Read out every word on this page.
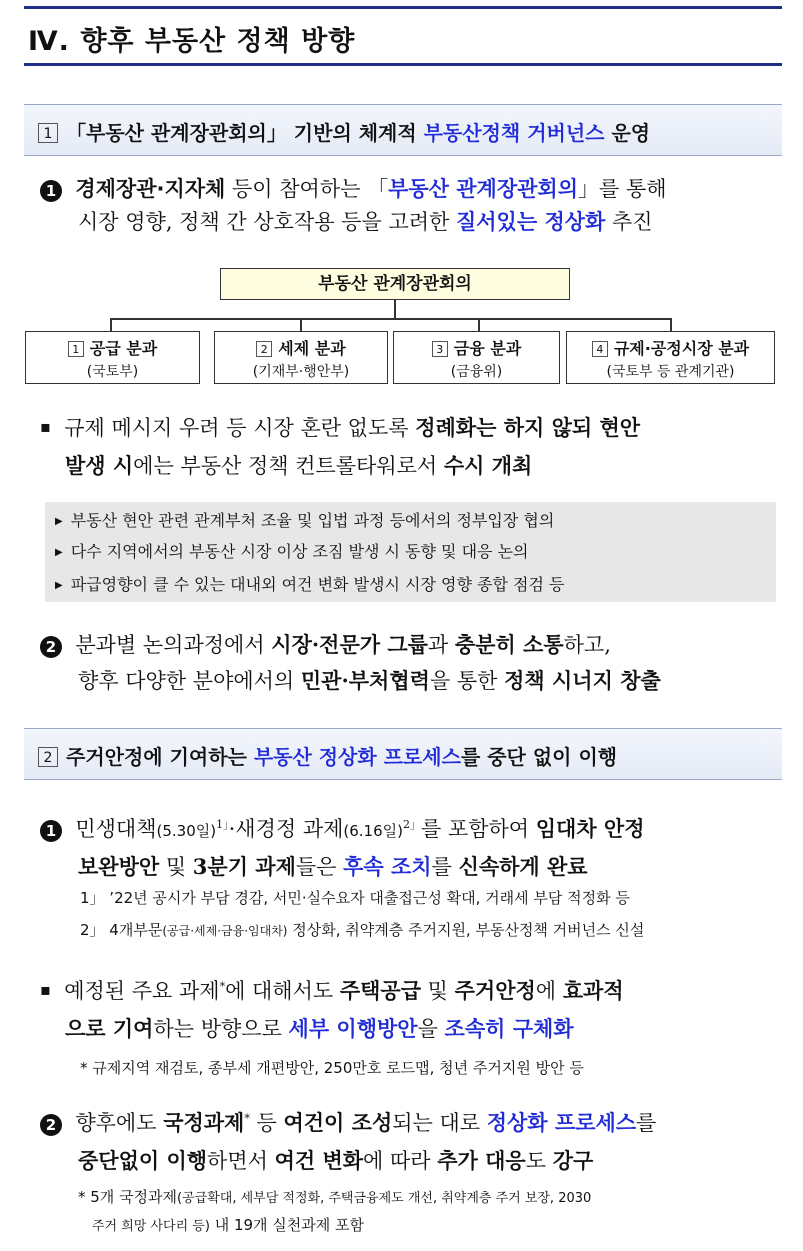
Ⅳ. 향후 부동산 정책 방향
1 「부동산 관계장관회의」 기반의 체계적 부동산정책 거버넌스 운영
1 경제장관·지자체 등이 참여하는 「부동산 관계장관회의」를 통해
시장 영향, 정책 간 상호작용 등을 고려한 질서있는 정상화 추진
부동산 관계장관회의
1 공급 분과
(국토부)
2 세제 분과
(기재부·행안부)
3 금융 분과
(금융위)
4 규제·공정시장 분과
(국토부 등 관계기관)
▪ 규제 메시지 우려 등 시장 혼란 없도록 정례화는 하지 않되 현안
발생 시에는 부동산 정책 컨트롤타워로서 수시 개최
▶ 부동산 현안 관련 관계부처 조율 및 입법 과정 등에서의 정부입장 협의
▶ 다수 지역에서의 부동산 시장 이상 조짐 발생 시 동향 및 대응 논의
▶ 파급영향이 클 수 있는 대내외 여건 변화 발생시 시장 영향 종합 점검 등
2 분과별 논의과정에서 시장·전문가 그룹과 충분히 소통하고,
향후 다양한 분야에서의 민관·부처협력을 통한 정책 시너지 창출
2 주거안정에 기여하는 부동산 정상화 프로세스를 중단 없이 이행
1 민생대책(5.30일)$^{1」}$·새경정 과제(6.16일)$^{2」}$를 포함하여 임대차 안정
보완방안 및 3분기 과제들은 후속 조치를 신속하게 완료
1」 ’22년 공시가 부담 경감, 서민·실수요자 대출접근성 확대, 거래세 부담 적정화 등
2」 4개부문(공급·세제·금융·임대차) 정상화, 취약계층 주거지원, 부동산정책 거버넌스 신설
▪ 예정된 주요 과제*에 대해서도 주택공급 및 주거안정에 효과적
으로 기여하는 방향으로 세부 이행방안을 조속히 구체화
* 규제지역 재검토, 종부세 개편방안, 250만호 로드맵, 청년 주거지원 방안 등
2 향후에도 국정과제* 등 여건이 조성되는 대로 정상화 프로세스를
중단없이 이행하면서 여건 변화에 따라 추가 대응도 강구
* 5개 국정과제(공급확대, 세부담 적정화, 주택금융제도 개선, 취약계층 주거 보장, 2030
주거 희망 사다리 등) 내 19개 실천과제 포함
